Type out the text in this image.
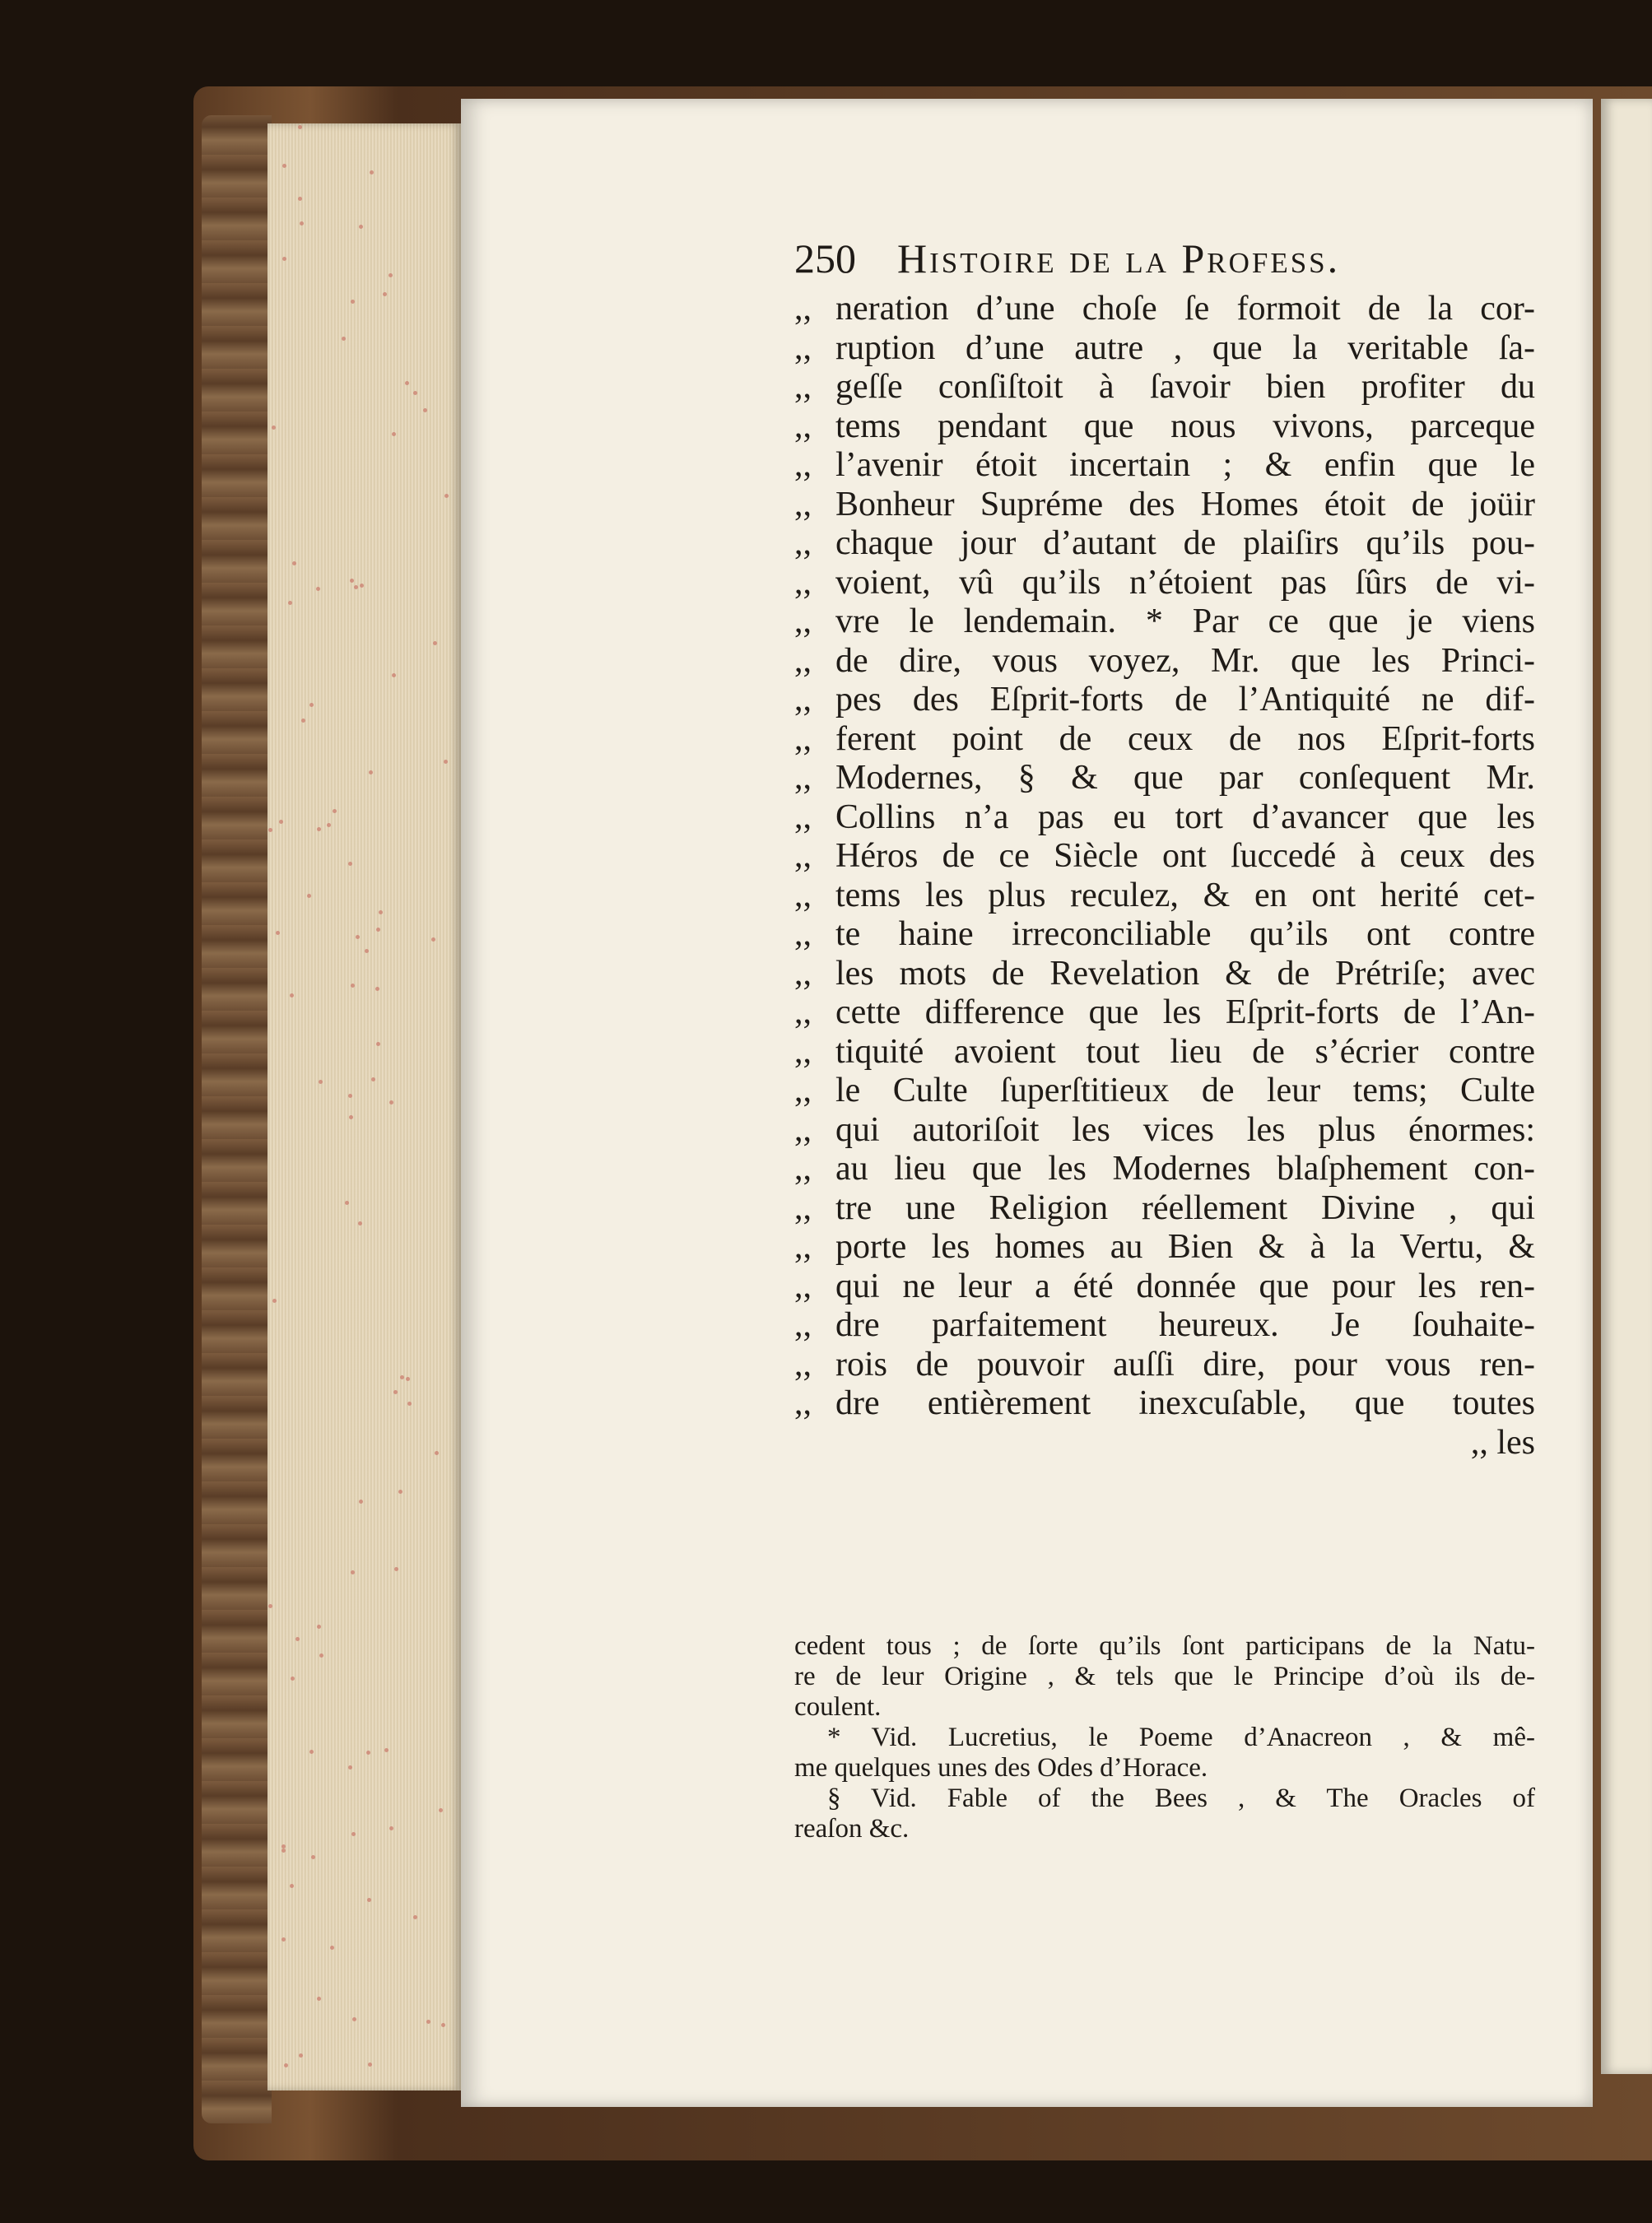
250 Histoire de la Profess.
,, neration d’une choſe ſe formoit de la cor-
,, ruption d’une autre , que la veritable ſa-
,, geſſe conſiſtoit à ſavoir bien profiter du
,, tems pendant que nous vivons, parceque
,, l’avenir étoit incertain ; & enfin que le
,, Bonheur Supréme des Homes étoit de joüir
,, chaque jour d’autant de plaiſirs qu’ils pou-
,, voient, vû qu’ils n’étoient pas ſûrs de vi-
,, vre le lendemain. * Par ce que je viens
,, de dire, vous voyez, Mr. que les Princi-
,, pes des Eſprit-forts de l’Antiquité ne dif-
,, ferent point de ceux de nos Eſprit-forts
,, Modernes, § & que par conſequent Mr.
,, Collins n’a pas eu tort d’avancer que les
,, Héros de ce Siècle ont ſuccedé à ceux des
,, tems les plus reculez, & en ont herité cet-
,, te haine irreconciliable qu’ils ont contre
,, les mots de Revelation & de Prétriſe; avec
,, cette difference que les Eſprit-forts de l’An-
,, tiquité avoient tout lieu de s’écrier contre
,, le Culte ſuperſtitieux de leur tems; Culte
,, qui autoriſoit les vices les plus énormes:
,, au lieu que les Modernes blaſphement con-
,, tre une Religion réellement Divine , qui
,, porte les homes au Bien & à la Vertu, &
,, qui ne leur a été donnée que pour les ren-
,, dre parfaitement heureux. Je ſouhaite-
,, rois de pouvoir auſſi dire, pour vous ren-
,, dre entièrement inexcuſable, que toutes
,, les
cedent tous ; de ſorte qu’ils ſont participans de la Natu-
re de leur Origine , & tels que le Principe d’où ils de-
coulent.
* Vid. Lucretius, le Poeme d’Anacreon , & mê-
me quelques unes des Odes d’Horace.
§ Vid. Fable of the Bees , & The Oracles of
reaſon &c.
